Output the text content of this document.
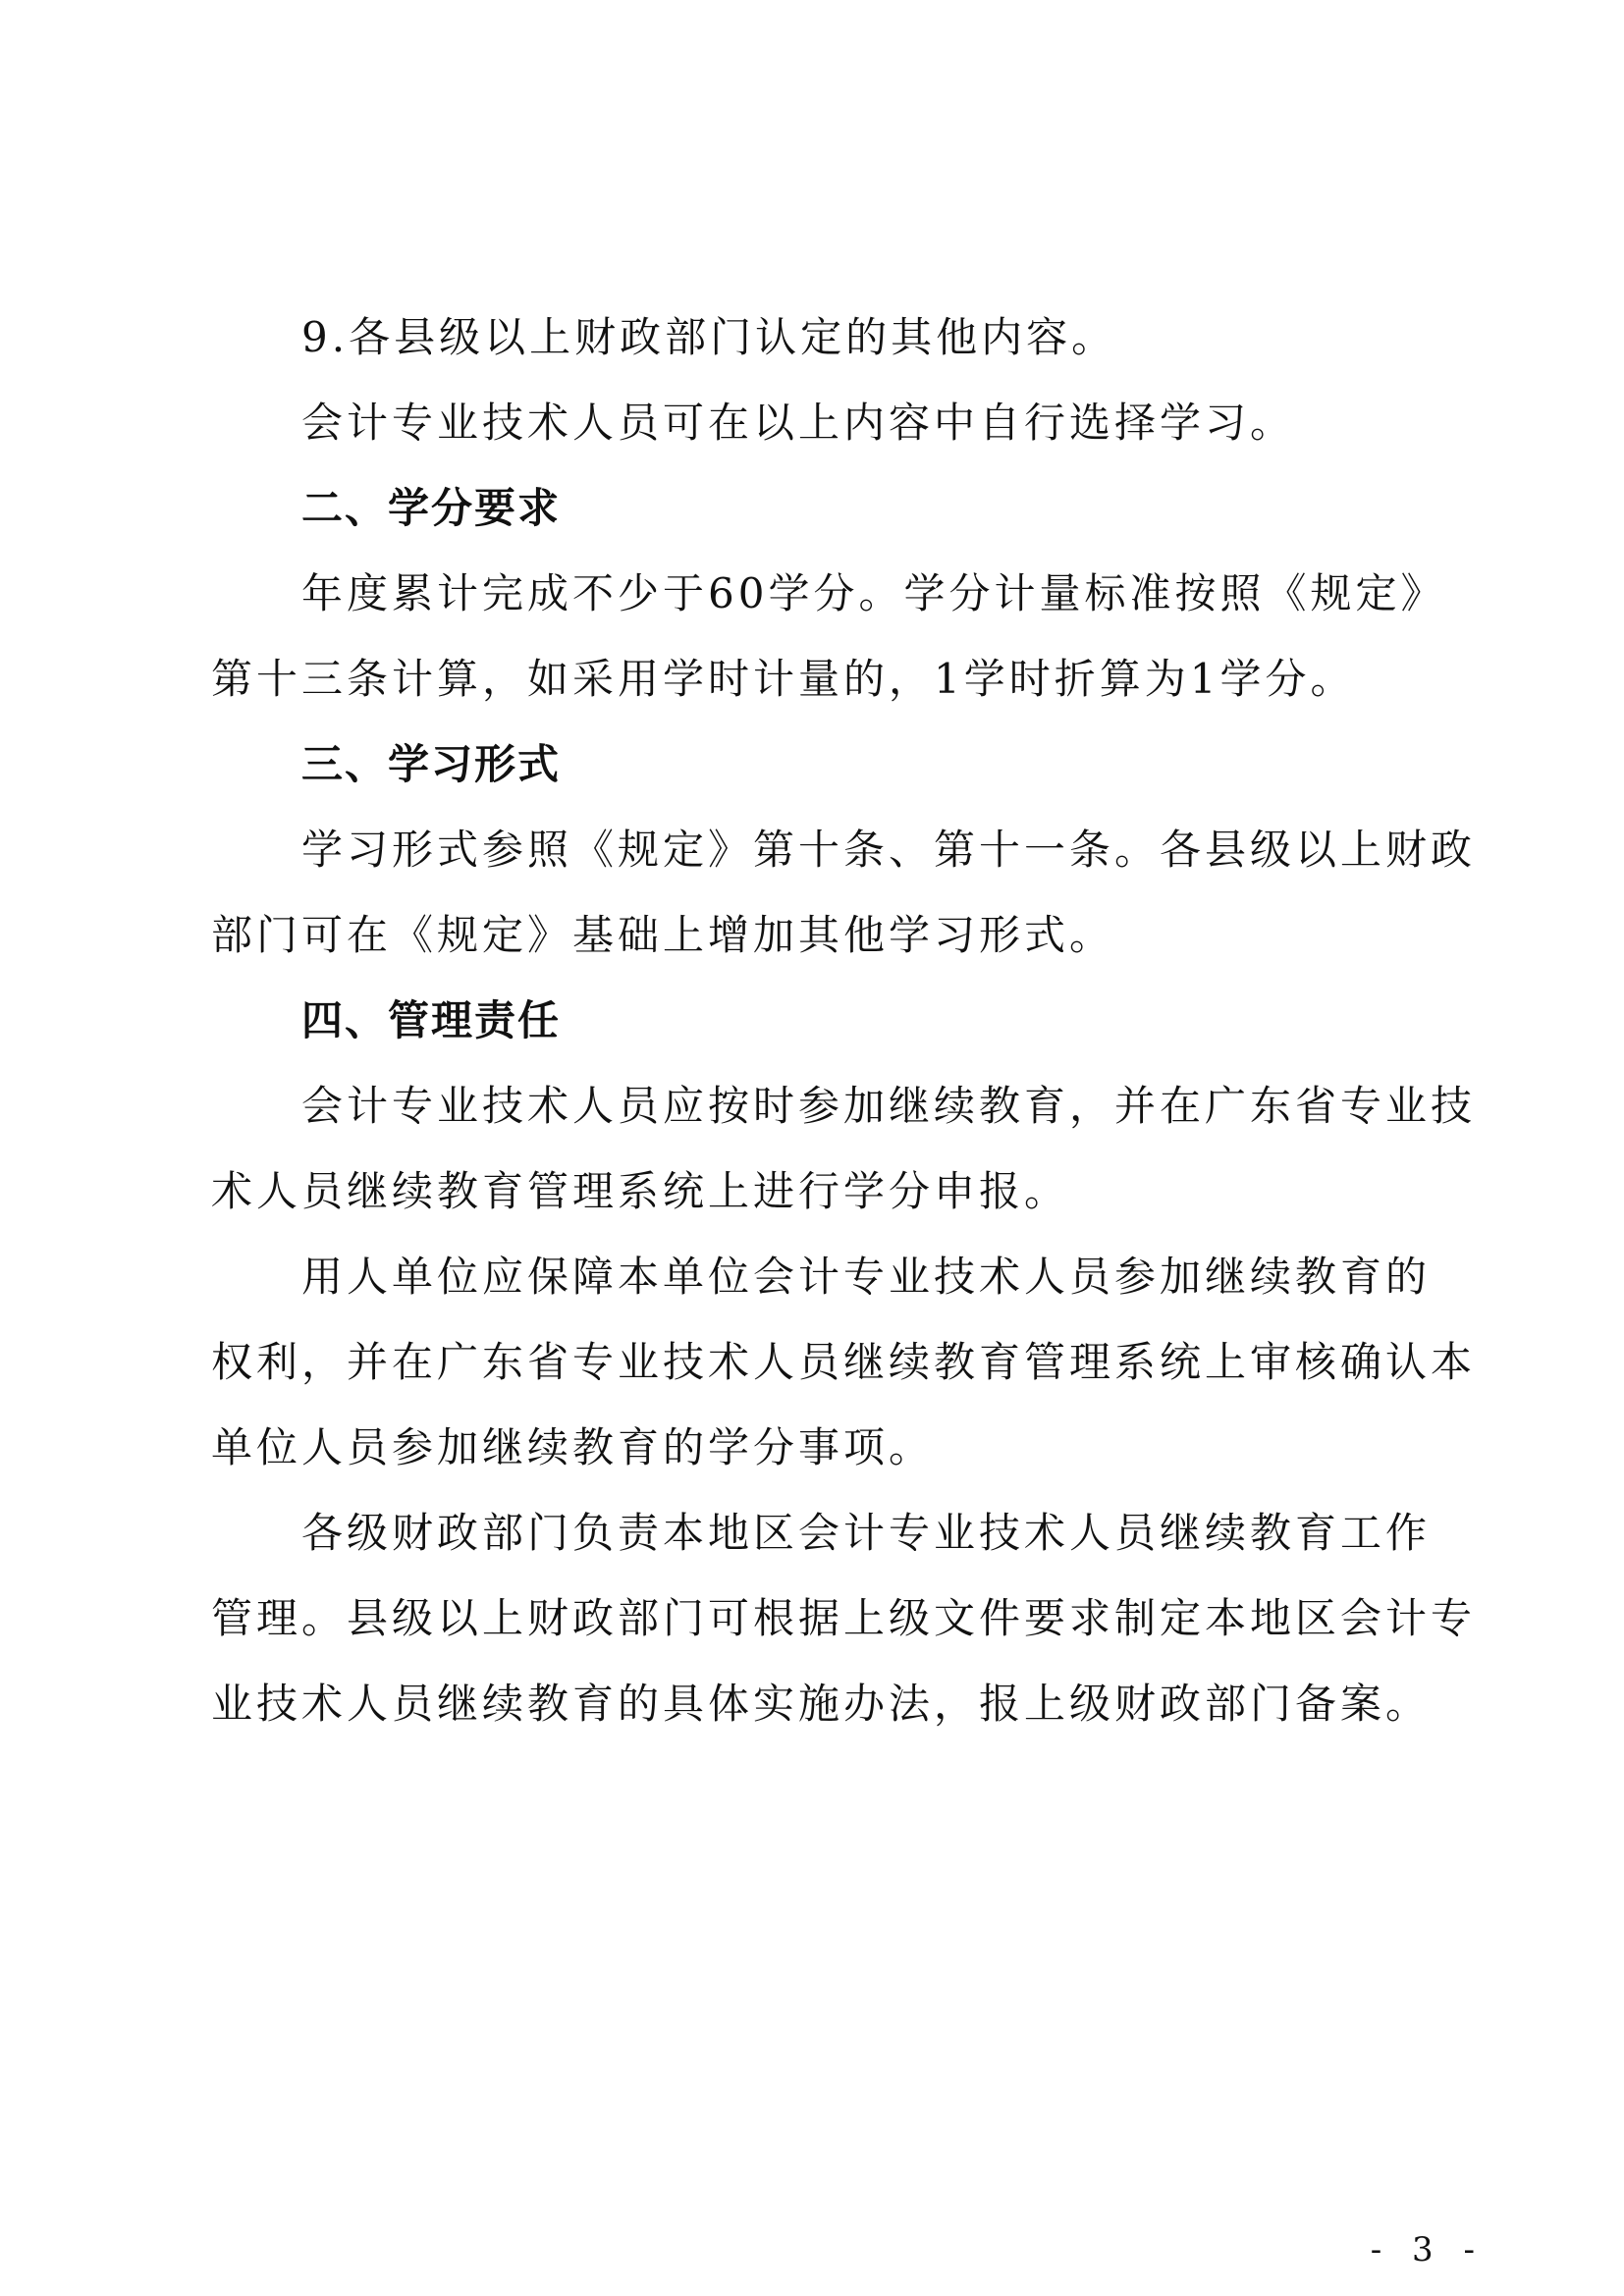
9.各县级以上财政部门认定的其他内容。
会计专业技术人员可在以上内容中自行选择学习。
二、学分要求
年度累计完成不少于60学分。学分计量标准按照《规定》
第十三条计算，如采用学时计量的，1学时折算为1学分。
三、学习形式
学习形式参照《规定》第十条、第十一条。各县级以上财政
部门可在《规定》基础上增加其他学习形式。
四、管理责任
会计专业技术人员应按时参加继续教育，并在广东省专业技
术人员继续教育管理系统上进行学分申报。
用人单位应保障本单位会计专业技术人员参加继续教育的
权利，并在广东省专业技术人员继续教育管理系统上审核确认本
单位人员参加继续教育的学分事项。
各级财政部门负责本地区会计专业技术人员继续教育工作
管理。县级以上财政部门可根据上级文件要求制定本地区会计专
业技术人员继续教育的具体实施办法，报上级财政部门备案。
- 3 -
